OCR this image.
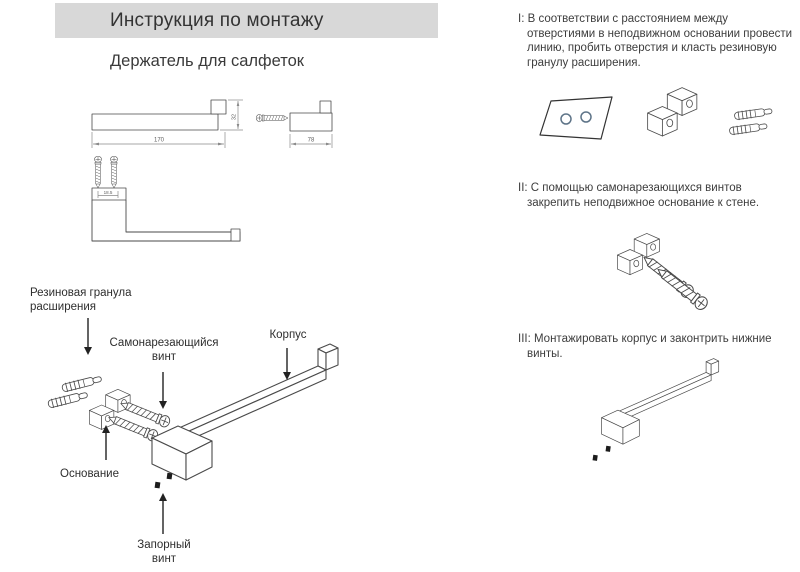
Инструкция по монтажу
Держатель для салфеток
170
32
78
18.5
Резиновая гранула расширения
Самонарезающийся винт
Корпус
Основание
Запорный винт

I: В соответствии с расстоянием между отверстиями в неподвижном основании провести линию, пробить отверстия и класть резиновую гранулу расширения.

II: С помощью самонарезающихся винтов закрепить неподвижное основание к стене.

III: Монтажировать корпус и законтрить нижние винты.
